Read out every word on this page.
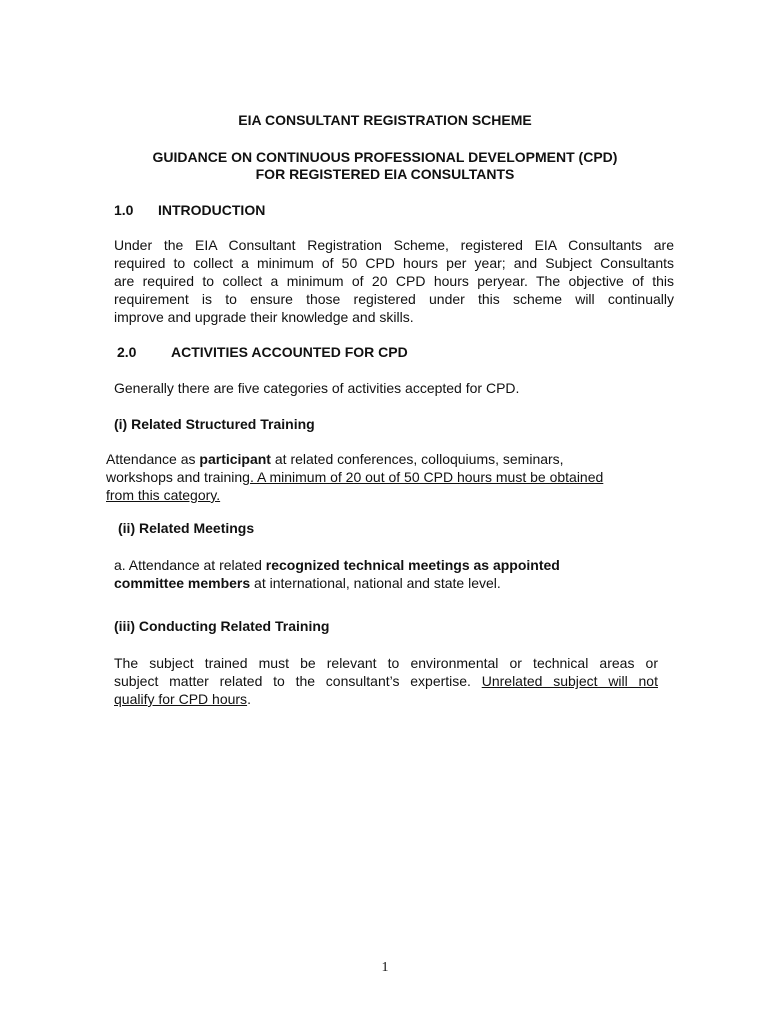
EIA CONSULTANT REGISTRATION SCHEME
GUIDANCE ON CONTINUOUS PROFESSIONAL DEVELOPMENT (CPD)
FOR REGISTERED EIA CONSULTANTS
1.0 INTRODUCTION
Under the EIA Consultant Registration Scheme, registered EIA Consultants are
required to collect a minimum of 50 CPD hours per year; and Subject Consultants
are required to collect a minimum of 20 CPD hours peryear. The objective of this
requirement is to ensure those registered under this scheme will continually
improve and upgrade their knowledge and skills.
2.0 ACTIVITIES ACCOUNTED FOR CPD
Generally there are five categories of activities accepted for CPD.
(i) Related Structured Training
Attendance as participant at related conferences, colloquiums, seminars,
workshops and training. A minimum of 20 out of 50 CPD hours must be obtained
from this category.
(ii) Related Meetings
a. Attendance at related recognized technical meetings as appointed
committee members at international, national and state level.
(iii) Conducting Related Training
The subject trained must be relevant to environmental or technical areas or
subject matter related to the consultant’s expertise. Unrelated subject will not
qualify for CPD hours.
1
